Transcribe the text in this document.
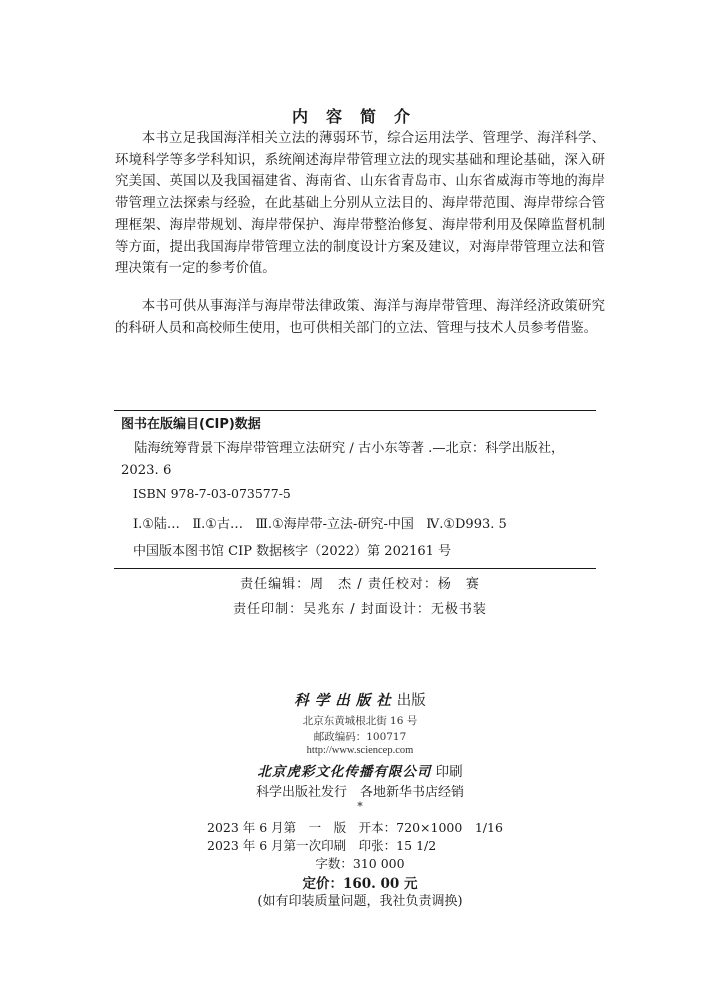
内容简介

本书立足我国海洋相关立法的薄弱环节，综合运用法学、管理学、海洋科学、环境科学等多学科知识，系统阐述海岸带管理立法的现实基础和理论基础，深入研究美国、英国以及我国福建省、海南省、山东省青岛市、山东省威海市等地的海岸带管理立法探索与经验，在此基础上分别从立法目的、海岸带范围、海岸带综合管理框架、海岸带规划、海岸带保护、海岸带整治修复、海岸带利用及保障监督机制等方面，提出我国海岸带管理立法的制度设计方案及建议，对海岸带管理立法和管理决策有一定的参考价值。

本书可供从事海洋与海岸带法律政策、海洋与海岸带管理、海洋经济政策研究的科研人员和高校师生使用，也可供相关部门的立法、管理与技术人员参考借鉴。

图书在版编目(CIP)数据

陆海统筹背景下海岸带管理立法研究 / 古小东等著 .—北京：科学出版社，2023. 6

ISBN 978-7-03-073577-5
Ⅰ.①陆…   Ⅱ.①古…   Ⅲ.①海岸带-立法-研究-中国   Ⅳ.①D993. 5
中国版本图书馆 CIP 数据核字（2022）第 202161 号
责任编辑：周　杰 / 责任校对：杨　赛
责任印制：吴兆东 / 封面设计：无极书装
科学出版社出版
北京东黄城根北街 16 号
邮政编码：100717
http://www.sciencep.com
北京虎彩文化传播有限公司 印刷
科学出版社发行　各地新华书店经销
*
2023 年 6 月第　一　版　开本：720×1000　1/16
2023 年 6 月第一次印刷　印张：15 1/2
字数：310 000
定价：160. 00 元
(如有印装质量问题，我社负责调换)
